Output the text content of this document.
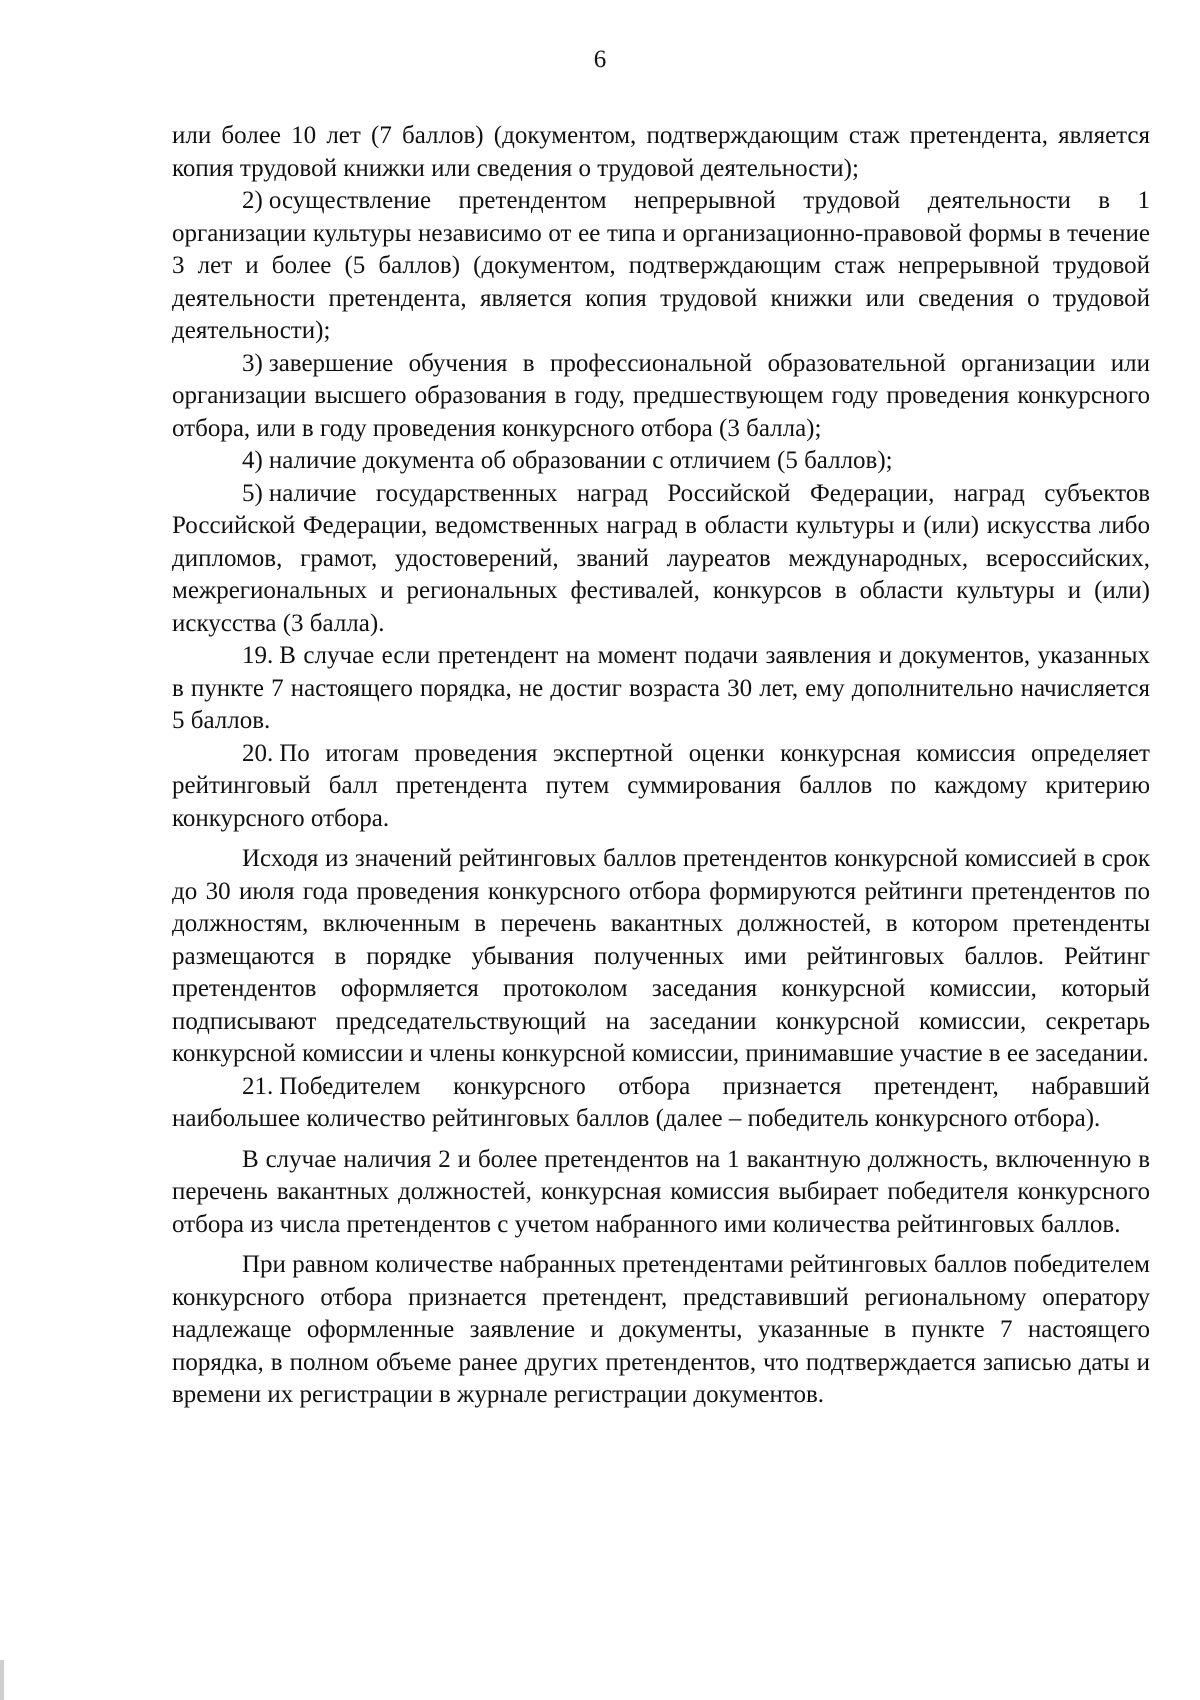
6

или более 10 лет (7 баллов) (документом, подтверждающим стаж претендента, является копия трудовой книжки или сведения о трудовой деятельности);

2) осуществление претендентом непрерывной трудовой деятельности в 1 организации культуры независимо от ее типа и организационно-правовой формы в течение 3 лет и более (5 баллов) (документом, подтверждающим стаж непрерывной трудовой деятельности претендента, является копия трудовой книжки или сведения о трудовой деятельности);

3) завершение обучения в профессиональной образовательной организации или организации высшего образования в году, предшествующем году проведения конкурсного отбора, или в году проведения конкурсного отбора (3 балла);

4) наличие документа об образовании с отличием (5 баллов);

5) наличие государственных наград Российской Федерации, наград субъектов Российской Федерации, ведомственных наград в области культуры и (или) искусства либо дипломов, грамот, удостоверений, званий лауреатов международных, всероссийских, межрегиональных и региональных фестивалей, конкурсов в области культуры и (или) искусства (3 балла).

19. В случае если претендент на момент подачи заявления и документов, указанных в пункте 7 настоящего порядка, не достиг возраста 30 лет, ему дополнительно начисляется 5 баллов.

20. По итогам проведения экспертной оценки конкурсная комиссия определяет рейтинговый балл претендента путем суммирования баллов по каждому критерию конкурсного отбора.

Исходя из значений рейтинговых баллов претендентов конкурсной комиссией в срок до 30 июля года проведения конкурсного отбора формируются рейтинги претендентов по должностям, включенным в перечень вакантных должностей, в котором претенденты размещаются в порядке убывания полученных ими рейтинговых баллов. Рейтинг претендентов оформляется протоколом заседания конкурсной комиссии, который подписывают председательствующий на заседании конкурсной комиссии, секретарь конкурсной комиссии и члены конкурсной комиссии, принимавшие участие в ее заседании.

21. Победителем конкурсного отбора признается претендент, набравший наибольшее количество рейтинговых баллов (далее – победитель конкурсного отбора).

В случае наличия 2 и более претендентов на 1 вакантную должность, включенную в перечень вакантных должностей, конкурсная комиссия выбирает победителя конкурсного отбора из числа претендентов с учетом набранного ими количества рейтинговых баллов.

При равном количестве набранных претендентами рейтинговых баллов победителем конкурсного отбора признается претендент, представивший региональному оператору надлежаще оформленные заявление и документы, указанные в пункте 7 настоящего порядка, в полном объеме ранее других претендентов, что подтверждается записью даты и времени их регистрации в журнале регистрации документов.
